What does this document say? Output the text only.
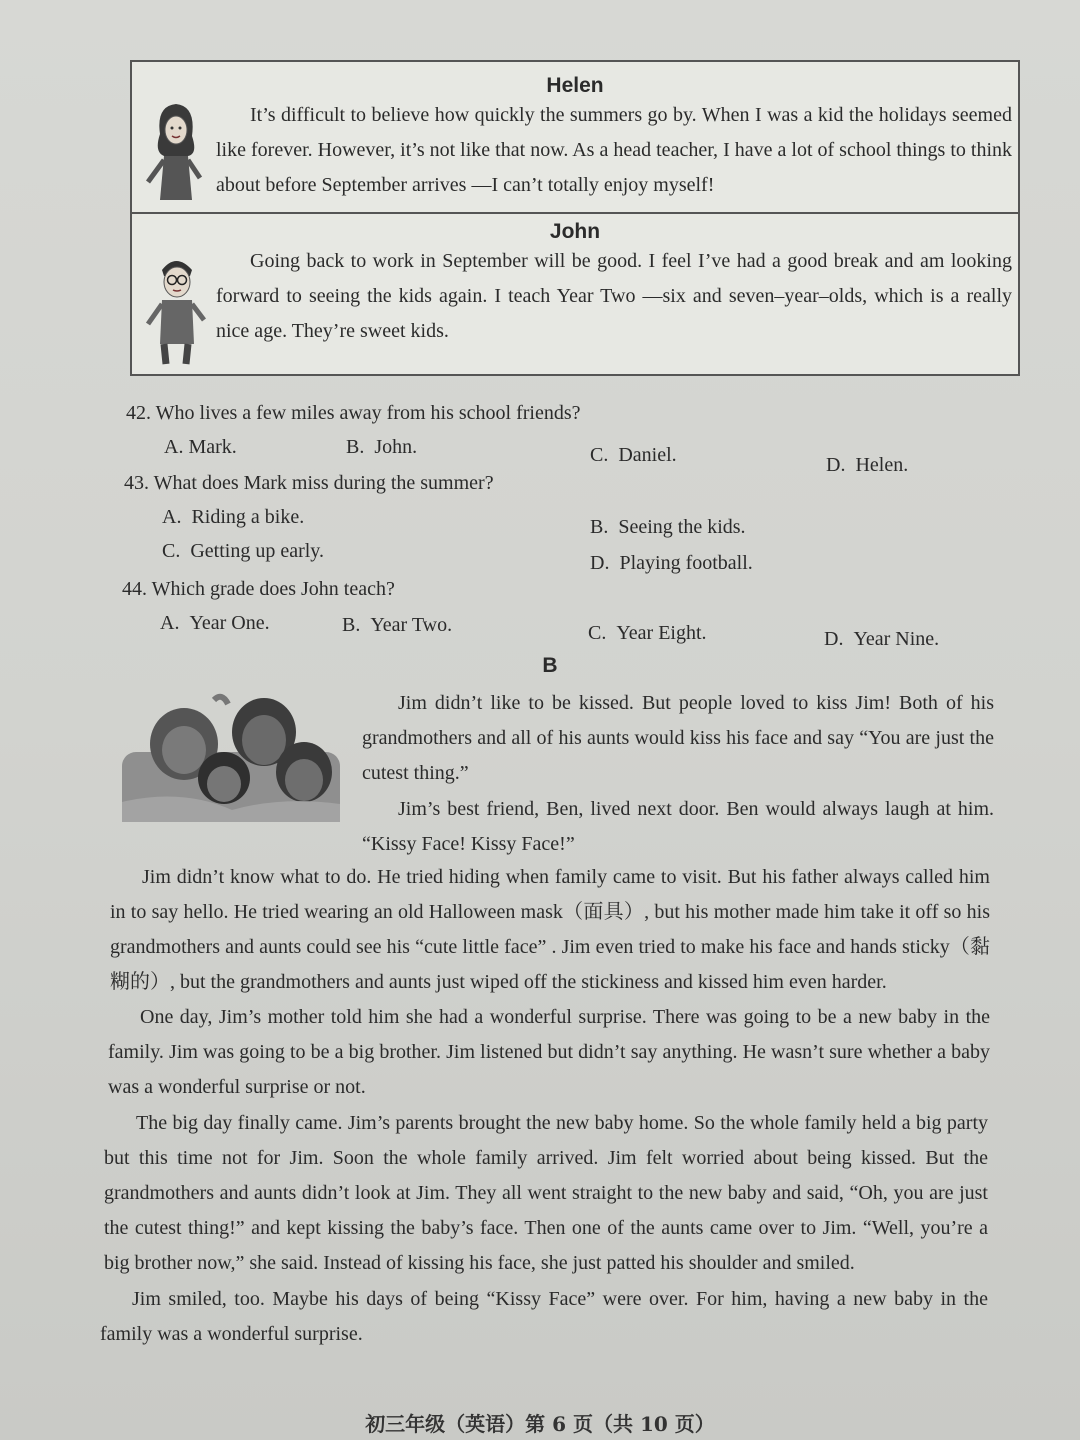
Helen
It’s difficult to believe how quickly the summers go by. When I was a kid the holidays seemed like forever. However, it’s not like that now. As a head teacher, I have a lot of school things to think about before September arrives —I can’t totally enjoy myself!
John
Going back to work in September will be good. I feel I’ve had a good break and am looking forward to seeing the kids again. I teach Year Two —six and seven–year–olds, which is a really nice age. They’re sweet kids.
42. Who lives a few miles away from his school friends?
A. Mark.	B. John.	C. Daniel.	D. Helen.
43. What does Mark miss during the summer?
A. Riding a bike.	B. Seeing the kids.
C. Getting up early.
D. Playing football.
44. Which grade does John teach?
A. Year One.	B. Year Two.	C. Year Eight.	D. Year Nine.
B
Jim didn’t like to be kissed. But people loved to kiss Jim! Both of his grandmothers and all of his aunts would kiss his face and say “You are just the cutest thing.”
Jim’s best friend, Ben, lived next door. Ben would always laugh at him. “Kissy Face! Kissy Face!”
Jim didn’t know what to do. He tried hiding when family came to visit. But his father always called him in to say hello. He tried wearing an old Halloween mask（面具）, but his mother made him take it off so his grandmothers and aunts could see his “cute little face” . Jim even tried to make his face and hands sticky（黏糊的）, but the grandmothers and aunts just wiped off the stickiness and kissed him even harder.
One day, Jim’s mother told him she had a wonderful surprise. There was going to be a new baby in the family. Jim was going to be a big brother. Jim listened but didn’t say anything. He wasn’t sure whether a baby was a wonderful surprise or not.
The big day finally came. Jim’s parents brought the new baby home. So the whole family held a big party but this time not for Jim. Soon the whole family arrived. Jim felt worried about being kissed. But the grandmothers and aunts didn’t look at Jim. They all went straight to the new baby and said, “Oh, you are just the cutest thing!” and kept kissing the baby’s face. Then one of the aunts came over to Jim. “Well, you’re a big brother now,” she said. Instead of kissing his face, she just patted his shoulder and smiled.
Jim smiled, too. Maybe his days of being “Kissy Face” were over. For him, having a new baby in the family was a wonderful surprise.
初三年级（英语）第 6 页（共 10 页）
